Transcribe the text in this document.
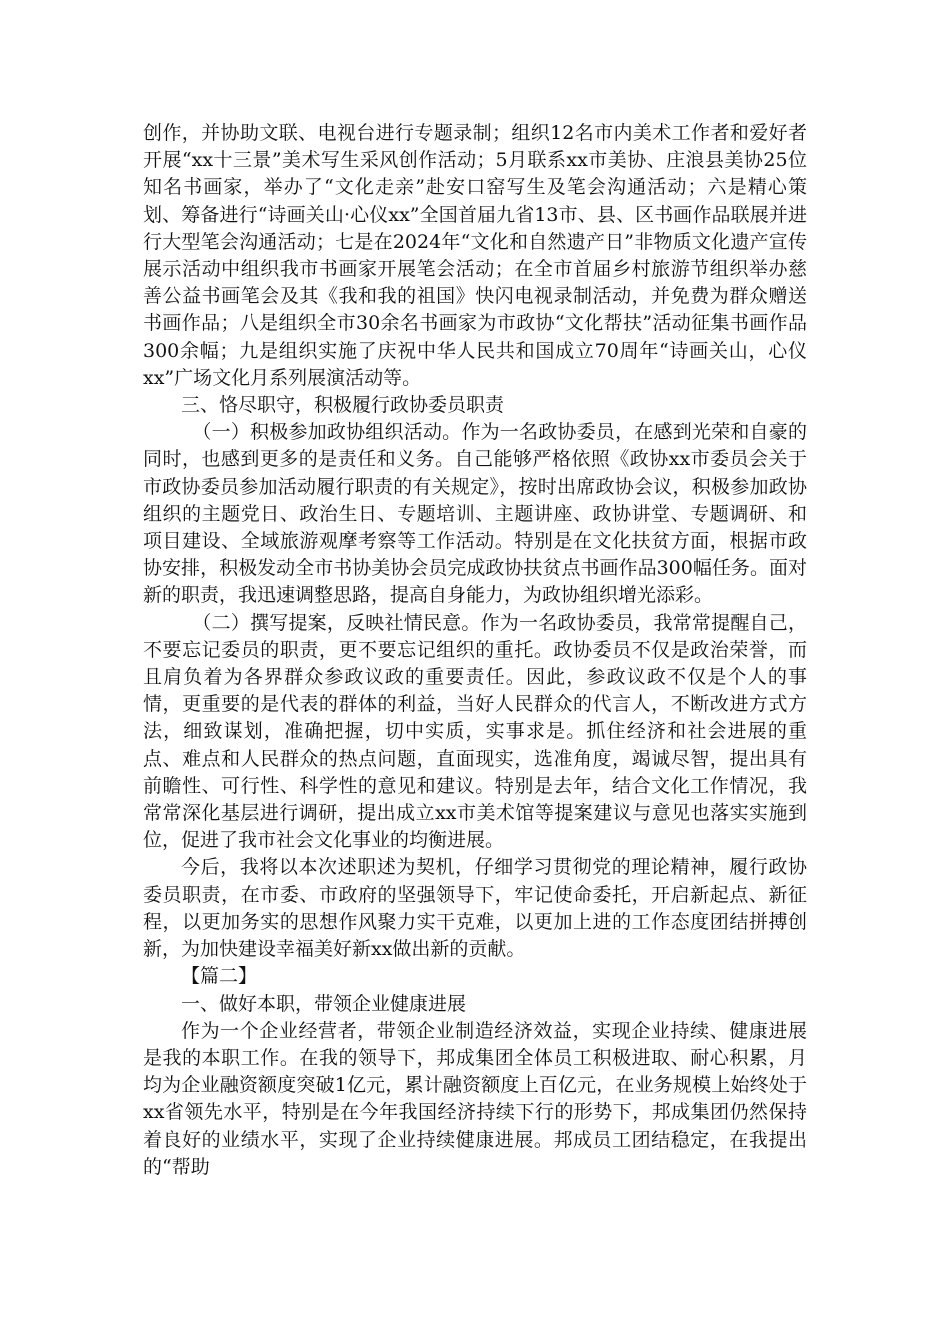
创作，并协助文联、电视台进行专题录制；组织12名市内美术工作者和爱好者开展“xx十三景”美术写生采风创作活动；5月联系xx市美协、庄浪县美协25位知名书画家，举办了“文化走亲”赴安口窑写生及笔会沟通活动；六是精心策划、筹备进行“诗画关山·心仪xx”全国首届九省13市、县、区书画作品联展并进行大型笔会沟通活动；七是在2024年“文化和自然遗产日”非物质文化遗产宣传展示活动中组织我市书画家开展笔会活动；在全市首届乡村旅游节组织举办慈善公益书画笔会及其《我和我的祖国》快闪电视录制活动，并免费为群众赠送书画作品；八是组织全市30余名书画家为市政协“文化帮扶”活动征集书画作品300余幅；九是组织实施了庆祝中华人民共和国成立70周年“诗画关山，心仪xx”广场文化月系列展演活动等。

三、恪尽职守，积极履行政协委员职责

（一）积极参加政协组织活动。作为一名政协委员，在感到光荣和自豪的同时，也感到更多的是责任和义务。自己能够严格依照《政协xx市委员会关于市政协委员参加活动履行职责的有关规定》，按时出席政协会议，积极参加政协组织的主题党日、政治生日、专题培训、主题讲座、政协讲堂、专题调研、和项目建设、全域旅游观摩考察等工作活动。特别是在文化扶贫方面，根据市政协安排，积极发动全市书协美协会员完成政协扶贫点书画作品300幅任务。面对新的职责，我迅速调整思路，提高自身能力，为政协组织增光添彩。

（二）撰写提案，反映社情民意。作为一名政协委员，我常常提醒自己，不要忘记委员的职责，更不要忘记组织的重托。政协委员不仅是政治荣誉，而且肩负着为各界群众参政议政的重要责任。因此，参政议政不仅是个人的事情，更重要的是代表的群体的利益，当好人民群众的代言人，不断改进方式方法，细致谋划，准确把握，切中实质，实事求是。抓住经济和社会进展的重点、难点和人民群众的热点问题，直面现实，选准角度，竭诚尽智，提出具有前瞻性、可行性、科学性的意见和建议。特别是去年，结合文化工作情况，我常常深化基层进行调研，提出成立xx市美术馆等提案建议与意见也落实实施到位，促进了我市社会文化事业的均衡进展。

今后，我将以本次述职述为契机，仔细学习贯彻党的理论精神，履行政协委员职责，在市委、市政府的坚强领导下，牢记使命委托，开启新起点、新征程，以更加务实的思想作风聚力实干克难，以更加上进的工作态度团结拼搏创新，为加快建设幸福美好新xx做出新的贡献。

【篇二】

一、做好本职，带领企业健康进展

作为一个企业经营者，带领企业制造经济效益，实现企业持续、健康进展是我的本职工作。在我的领导下，邦成集团全体员工积极进取、耐心积累，月均为企业融资额度突破1亿元，累计融资额度上百亿元，在业务规模上始终处于xx省领先水平，特别是在今年我国经济持续下行的形势下，邦成集团仍然保持着良好的业绩水平，实现了企业持续健康进展。邦成员工团结稳定，在我提出的“帮助
